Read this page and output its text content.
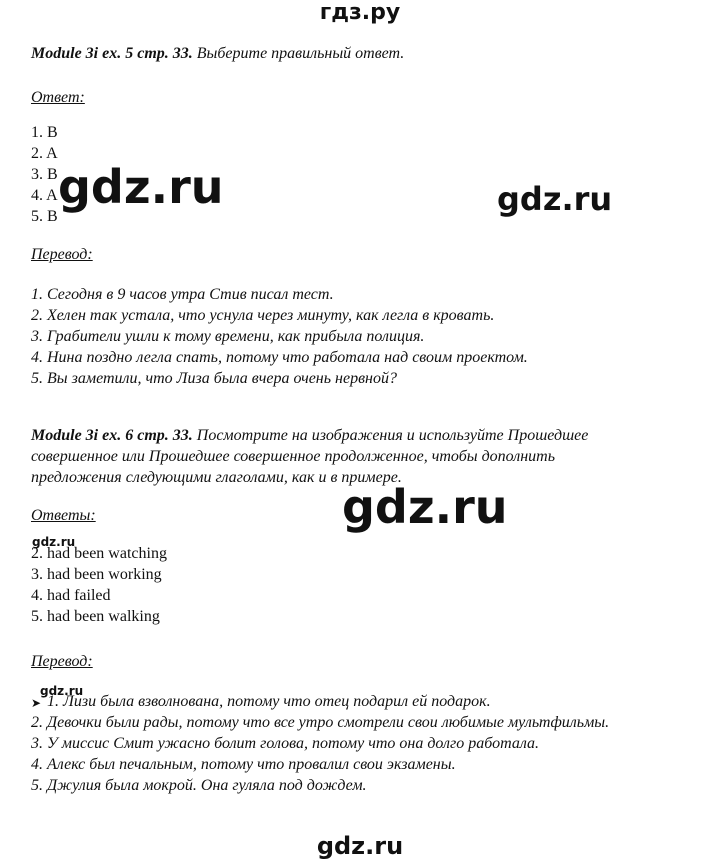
гдз.ру
Module 3i ex. 5 стр. 33. Выберите правильный ответ.
Ответ:
1. B
2. A
3. B
4. A
5. B
Перевод:
1. Сегодня в 9 часов утра Стив писал тест.
2. Хелен так устала, что уснула через минуту, как легла в кровать.
3. Грабители ушли к тому времени, как прибыла полиция.
4. Нина поздно легла спать, потому что работала над своим проектом.
5. Вы заметили, что Лиза была вчера очень нервной?
Module 3i ex. 6 стр. 33. Посмотрите на изображения и используйте Прошедшее
совершенное или Прошедшее совершенное продолженное, чтобы дополнить
предложения следующими глаголами, как и в примере.
Ответы:
2. had been watching
3. had been working
4. had failed
5. had been walking
Перевод:
➤ 1. Лизи была взволнована, потому что отец подарил ей подарок.
2. Девочки были рады, потому что все утро смотрели свои любимые мультфильмы.
3. У миссис Смит ужасно болит голова, потому что она долго работала.
4. Алекс был печальным, потому что провалил свои экзамены.
5. Джулия была мокрой. Она гуляла под дождем.
gdz.ru	gdz.ru
gdz.ru
gdz.ru
gdz.ru
gdz.ru
